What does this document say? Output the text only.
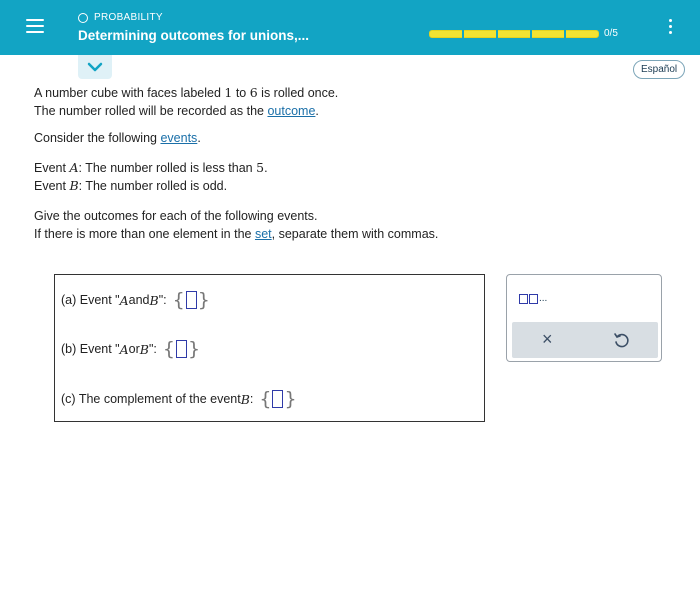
PROBABILITY
Determining outcomes for unions,...	0/5
Español

A number cube with faces labeled 1 to 6 is rolled once.

The number rolled will be recorded as the outcome.

Consider the following events.

Event A: The number rolled is less than 5.

Event B: The number rolled is odd.

Give the outcomes for each of the following events.

If there is more than one element in the set, separate them with commas.

(a) Event " A and B ": { }
(b) Event " A or B ": { }
(c) The complement of the event B : { }
...
×
